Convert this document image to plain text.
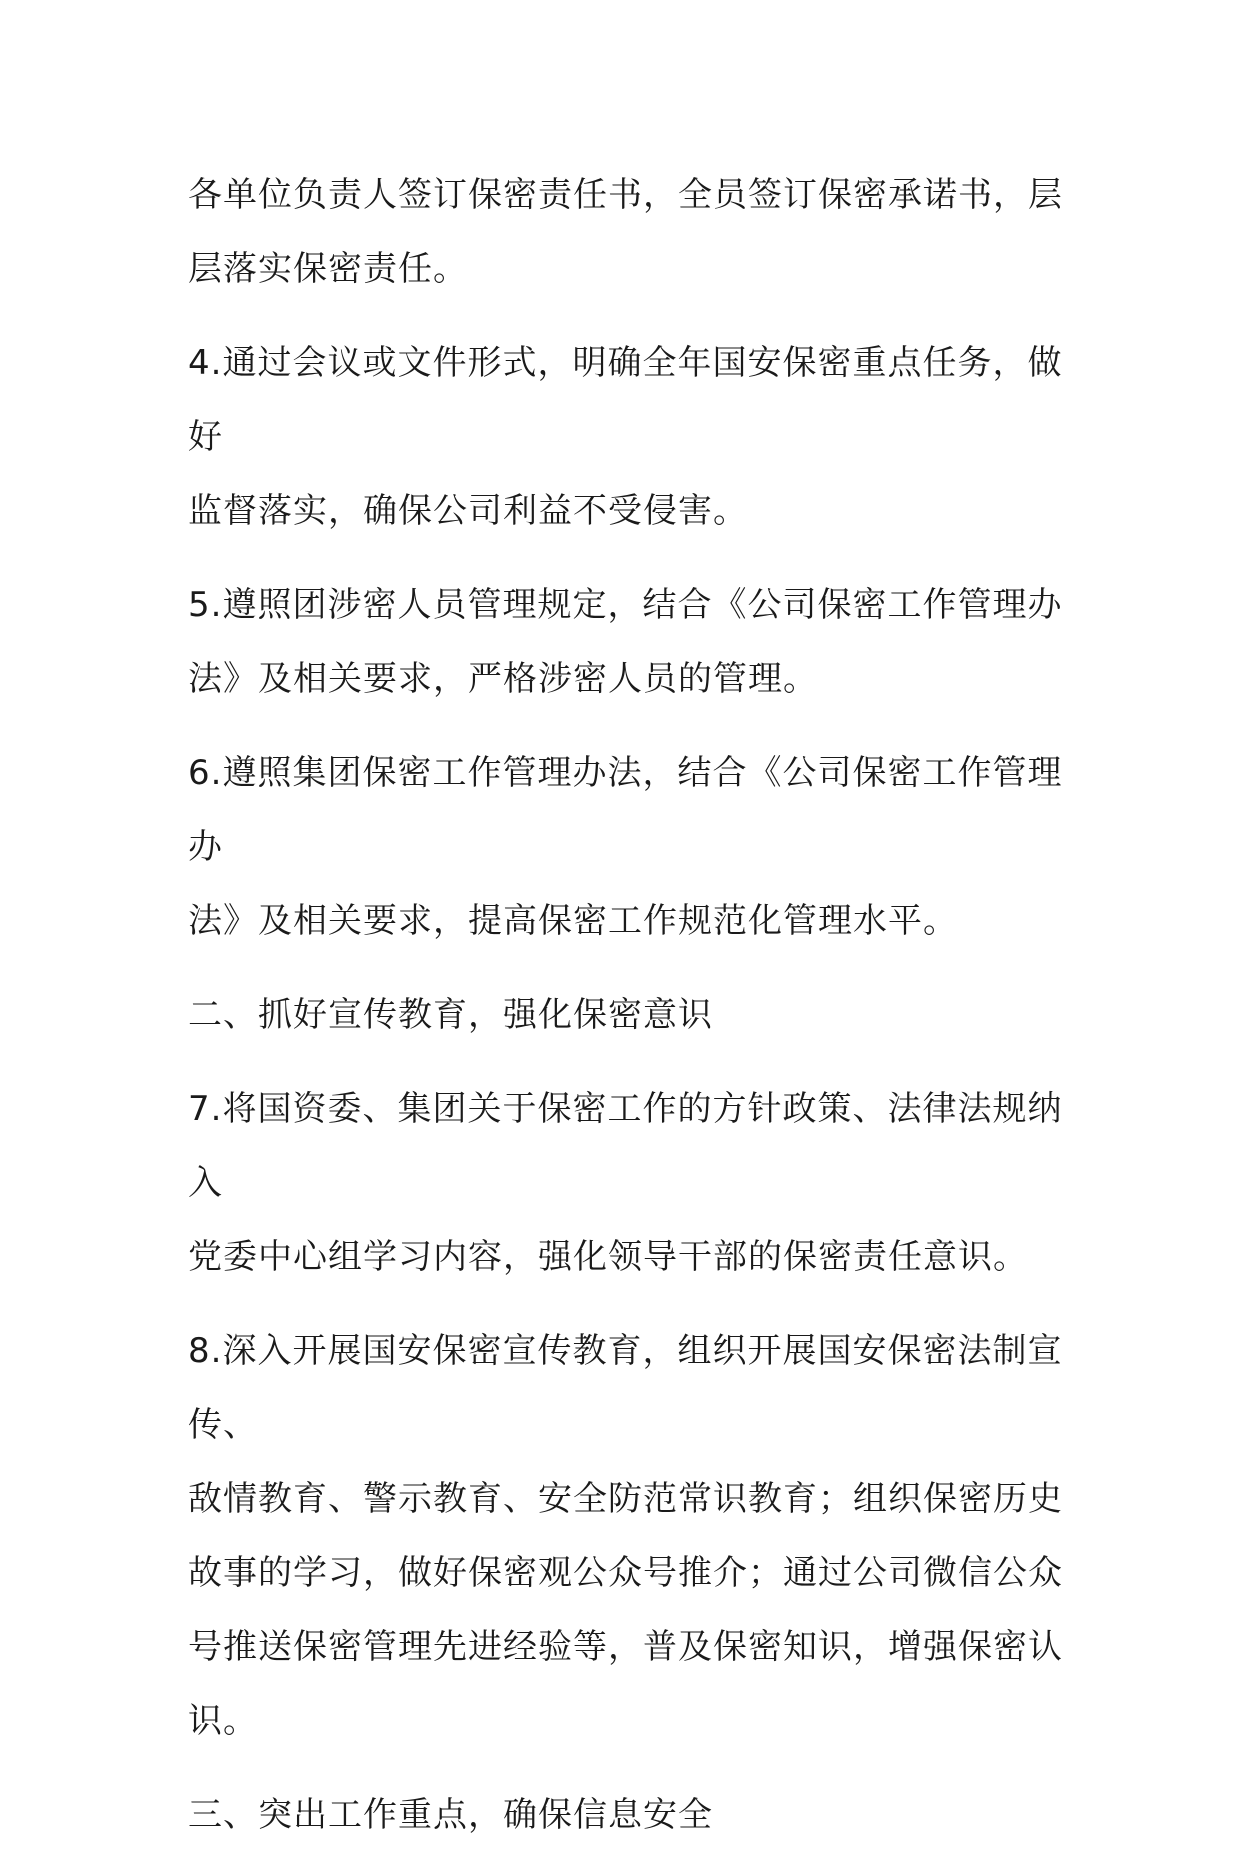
各单位负责人签订保密责任书，全员签订保密承诺书，层
层落实保密责任。

4.通过会议或文件形式，明确全年国安保密重点任务，做好
监督落实，确保公司利益不受侵害。

5.遵照团涉密人员管理规定，结合《公司保密工作管理办
法》及相关要求，严格涉密人员的管理。

6.遵照集团保密工作管理办法，结合《公司保密工作管理办
法》及相关要求，提高保密工作规范化管理水平。

二、抓好宣传教育，强化保密意识

7.将国资委、集团关于保密工作的方针政策、法律法规纳入
党委中心组学习内容，强化领导干部的保密责任意识。

8.深入开展国安保密宣传教育，组织开展国安保密法制宣传、
敌情教育、警示教育、安全防范常识教育；组织保密历史
故事的学习，做好保密观公众号推介；通过公司微信公众
号推送保密管理先进经验等，普及保密知识，增强保密认
识。

三、突出工作重点，确保信息安全
